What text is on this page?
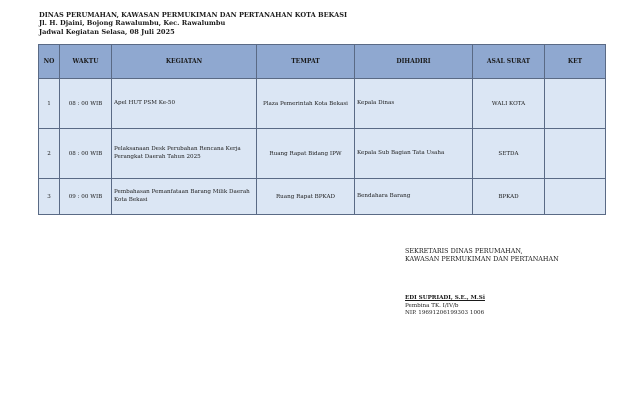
DINAS PERUMAHAN, KAWASAN PERMUKIMAN DAN PERTANAHAN KOTA BEKASI
Jl. H. Djaini, Bojong Rawalumbu, Kec. Rawalumbu
Jadwal Kegiatan Selasa, 08 Juli 2025
NO	WAKTU	KEGIATAN	TEMPAT	DIHADIRI	ASAL SURAT	KET
1	08 : 00 WIB	Apel HUT PSM Ke-50	Plaza Pemerintah Kota Bekasi	Kepala Dinas	WALI KOTA	
2	08 : 00 WIB	Pelaksanaan Desk Perubahan Rencana Kerja Perangkat Daerah Tahun 2025	Ruang Rapat Bidang IPW	Kepala Sub Bagian Tata Usaha	SETDA	
3	09 : 00 WIB	Pembahasan Pemanfataan Barang Milik Daerah Kota Bekasi	Ruang Rapat BPKAD	Bendahara Barang	BPKAD	
SEKRETARIS DINAS PERUMAHAN,
KAWASAN PERMUKIMAN DAN PERTANAHAN
EDI SUPRIADI, S.E., M.Si
Pembina TK. I/IV/b
NIP. 19691206199303 1006
